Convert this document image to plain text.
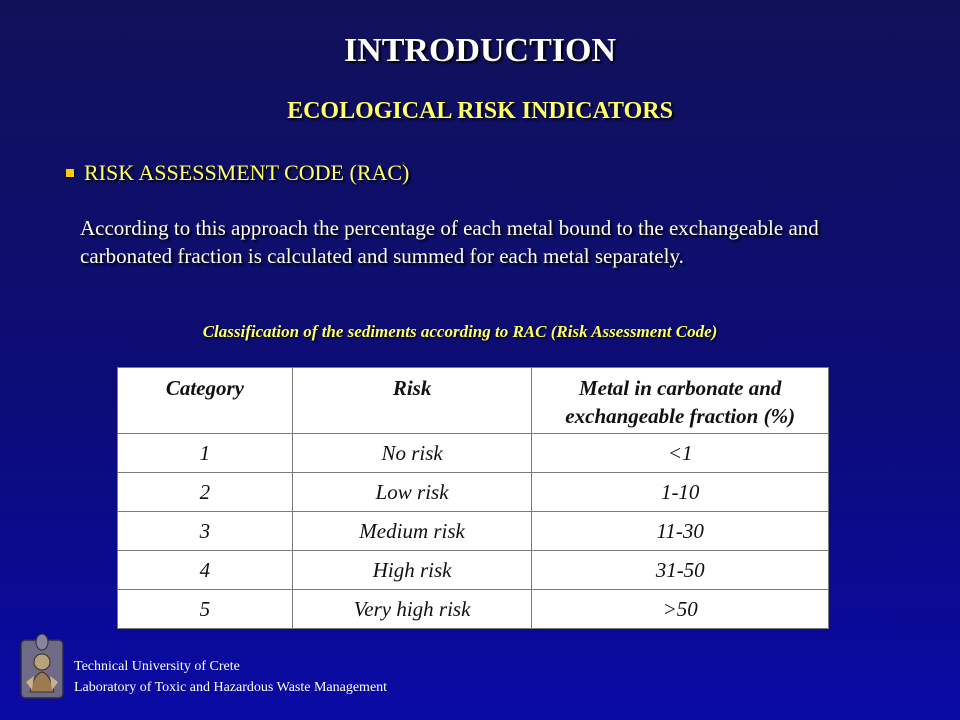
INTRODUCTION
ECOLOGICAL RISK INDICATORS
RISK ASSESSMENT CODE (RAC)
According to this approach the percentage of each metal bound to the exchangeable and carbonated fraction is calculated and summed for each metal separately.
Classification of the sediments according to RAC (Risk Assessment Code)
Category	Risk	Metal in carbonate and
exchangeable fraction (%)
1	No risk	<1
2	Low risk	1-10
3	Medium risk	11-30
4	High risk	31-50
5	Very high risk	>50
Technical University of Crete
Laboratory of Toxic and Hazardous Waste Management
